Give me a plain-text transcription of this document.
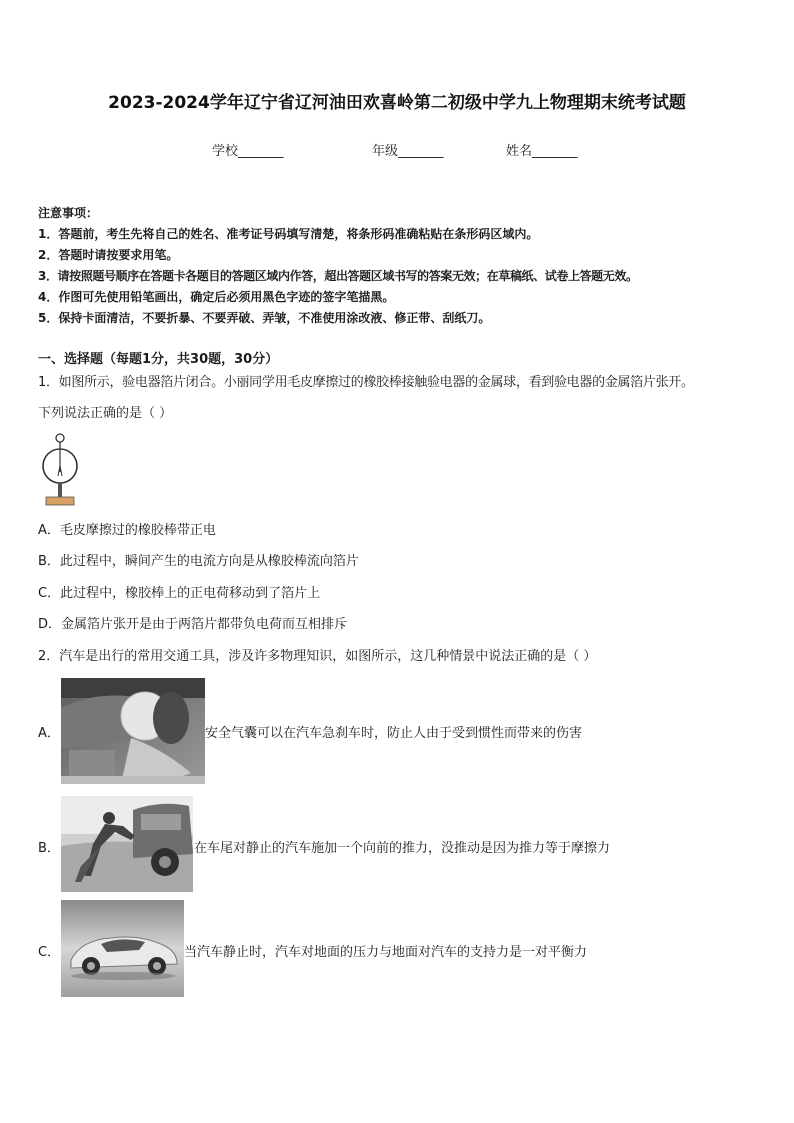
2023-2024学年辽宁省辽河油田欢喜岭第二初级中学九上物理期末统考试题
学校_______	年级_______	姓名_______
注意事项：
1．答题前，考生先将自己的姓名、准考证号码填写清楚，将条形码准确粘贴在条形码区域内。
2．答题时请按要求用笔。
3．请按照题号顺序在答题卡各题目的答题区域内作答，超出答题区域书写的答案无效；在草稿纸、试卷上答题无效。
4．作图可先使用铅笔画出，确定后必须用黑色字迹的签字笔描黑。
5．保持卡面清洁，不要折暴、不要弄破、弄皱，不准使用涂改液、修正带、刮纸刀。
一、选择题（每题1分，共30题，30分）
1．如图所示，验电器箔片闭合。小丽同学用毛皮摩擦过的橡胶棒接触验电器的金属球，看到验电器的金属箔片张开。
下列说法正确的是（ ）
A．毛皮摩擦过的橡胶棒带正电
B．此过程中，瞬间产生的电流方向是从橡胶棒流向箔片
C．此过程中，橡胶棒上的正电荷移动到了箔片上
D．金属箔片张开是由于两箔片都带负电荷而互相排斥
2．汽车是出行的常用交通工具，涉及许多物理知识，如图所示，这几种情景中说法正确的是（ ）
A．	安全气囊可以在汽车急刹车时，防止人由于受到惯性而带来的伤害
B．	在车尾对静止的汽车施加一个向前的推力，没推动是因为推力等于摩擦力
C．	当汽车静止时，汽车对地面的压力与地面对汽车的支持力是一对平衡力
